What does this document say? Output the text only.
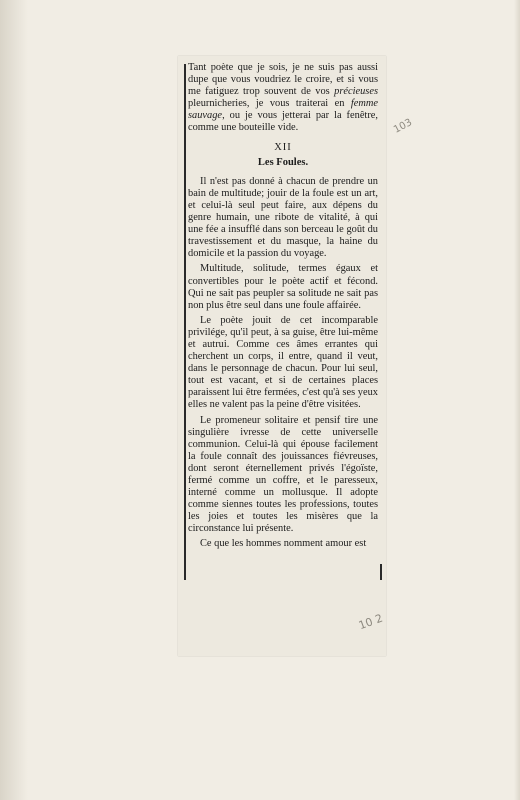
Tant poète que je sois, je ne suis pas aussi dupe que vous voudriez le croire, et si vous me fatiguez trop souvent de vos précieuses pleurnicheries, je vous traiterai en femme sauvage, ou je vous jetterai par la fenêtre, comme une bouteille vide.

XII
Les Foules.

Il n'est pas donné à chacun de prendre un bain de multitude; jouir de la foule est un art, et celui-là seul peut faire, aux dépens du genre humain, une ribote de vitalité, à qui une fée a insufflé dans son berceau le goût du travestissement et du masque, la haine du domicile et la passion du voyage.

Multitude, solitude, termes égaux et convertibles pour le poète actif et fécond. Qui ne sait pas peupler sa solitude ne sait pas non plus être seul dans une foule affairée.

Le poète jouit de cet incomparable privilége, qu'il peut, à sa guise, être lui-même et autrui. Comme ces âmes errantes qui cherchent un corps, il entre, quand il veut, dans le personnage de chacun. Pour lui seul, tout est vacant, et si de certaines places paraissent lui être fermées, c'est qu'à ses yeux elles ne valent pas la peine d'être visitées.

Le promeneur solitaire et pensif tire une singulière ivresse de cette universelle communion. Celui-là qui épouse facilement la foule connaît des jouissances fiévreuses, dont seront éternellement privés l'égoïste, fermé comme un coffre, et le paresseux, interné comme un mollusque. Il adopte comme siennes toutes les professions, toutes les joies et toutes les misères que la circonstance lui présente.

Ce que les hommes nomment amour est

103
10 2
